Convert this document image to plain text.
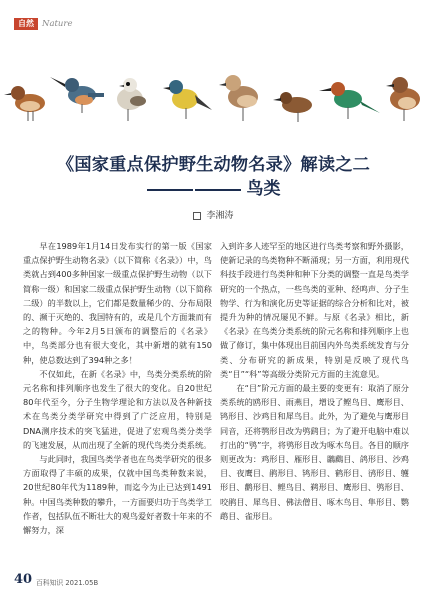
自然 Nature
《国家重点保护野生动物名录》解读之二
鸟类
李湘涛

早在1989年1月14日发布实行的第一版《国家重点保护野生动物名录》（以下简称《名录》）中，鸟类就占到400多种国家一级重点保护野生动物（以下简称一级）和国家二级重点保护野生动物（以下简称二级）的半数以上，它们都是数量稀少的、分布局限的、濒于灭绝的、我国特有的，或是几个方面兼而有之的物种。今年2月5日颁布的调整后的《名录》中，鸟类部分也有很大变化，其中新增的就有150种，使总数达到了394种之多！

不仅如此，在新《名录》中，鸟类分类系统的阶元名称和排列顺序也发生了很大的变化。自20世纪80年代至今，分子生物学理论和方法以及各种新技术在鸟类分类学研究中得到了广泛应用，特别是DNA测序技术的突飞猛进，促进了宏观鸟类分类学的飞速发展，从而出现了全新的现代鸟类分类系统。

与此同时，我国鸟类学者也在鸟类学研究的很多方面取得了丰硕的成果，仅就中国鸟类种数来说，20世纪80年代为1189种，而迄今为止已达到1491种。中国鸟类种数的攀升，一方面要归功于鸟类学工作者，包括队伍不断壮大的观鸟爱好者数十年来的不懈努力，深

入到许多人迹罕至的地区进行鸟类考察和野外摄影，使新记录的鸟类物种不断涌现；另一方面，利用现代科技手段进行鸟类种和种下分类的调整一直是鸟类学研究的一个热点，一些鸟类的亚种、经鸣声、分子生物学、行为和演化历史等证据的综合分析和比对，被提升为种的情况屡见不鲜。与原《名录》相比，新《名录》在鸟类分类系统的阶元名称和排列顺序上也做了修订，集中体现出目前国内外鸟类系统发育与分类、分布研究的新成果，特别是反映了现代鸟类“目”“科”等高级分类阶元方面的主流意见。

在“目”阶元方面的最主要的变更有：取消了原分类系统的鸥形目、雨燕目，增设了鲣鸟目、鹰形目、鸨形目、沙鸡目和犀鸟目。此外，为了避免与鹰形目同音，还将鹗形目改为鸮鹞目；为了避开电脑中难以打出的“鸮”字，将鸮形目改为啄木鸟目。各目的顺序则更改为：鸡形目、雁形目、鸊鷉目、鸽形目、沙鸡目、夜鹰目、鹃形目、鸨形目、鹤形目、鸻形目、鹱形目、鹳形目、鲣鸟目、鹈形目、鹰形目、鸮形目、咬鹃目、犀鸟目、佛法僧目、啄木鸟目、隼形目、鹦鹉目、雀形目。

40 百科知识 2021.05B
